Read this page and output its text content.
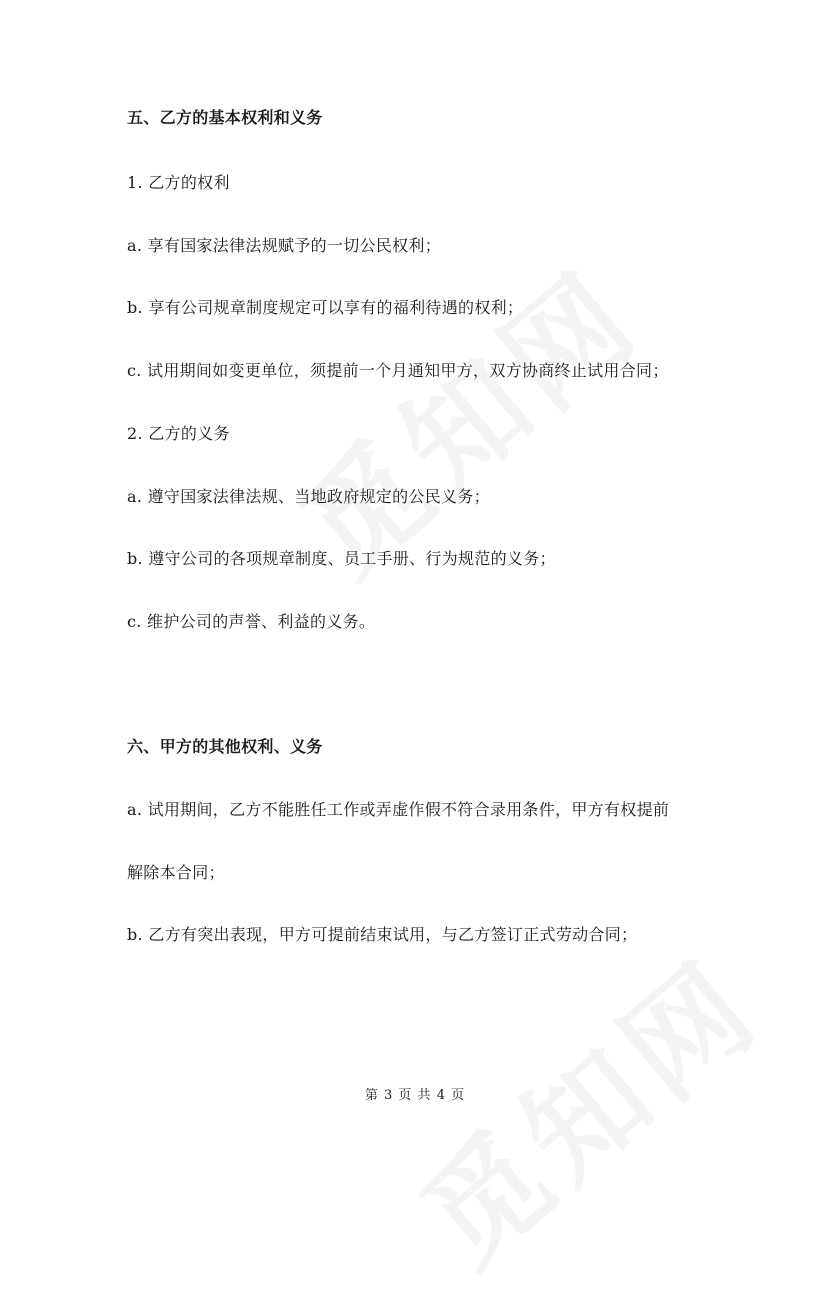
五、乙方的基本权利和义务
1. 乙方的权利
a. 享有国家法律法规赋予的一切公民权利；
b. 享有公司规章制度规定可以享有的福利待遇的权利；
c. 试用期间如变更单位，须提前一个月通知甲方，双方协商终止试用合同；
2. 乙方的义务
a. 遵守国家法律法规、当地政府规定的公民义务；
b. 遵守公司的各项规章制度、员工手册、行为规范的义务；
c. 维护公司的声誉、利益的义务。
六、甲方的其他权利、义务
a. 试用期间，乙方不能胜任工作或弄虚作假不符合录用条件，甲方有权提前
解除本合同；
b. 乙方有突出表现，甲方可提前结束试用，与乙方签订正式劳动合同；
第 3 页 共 4 页
